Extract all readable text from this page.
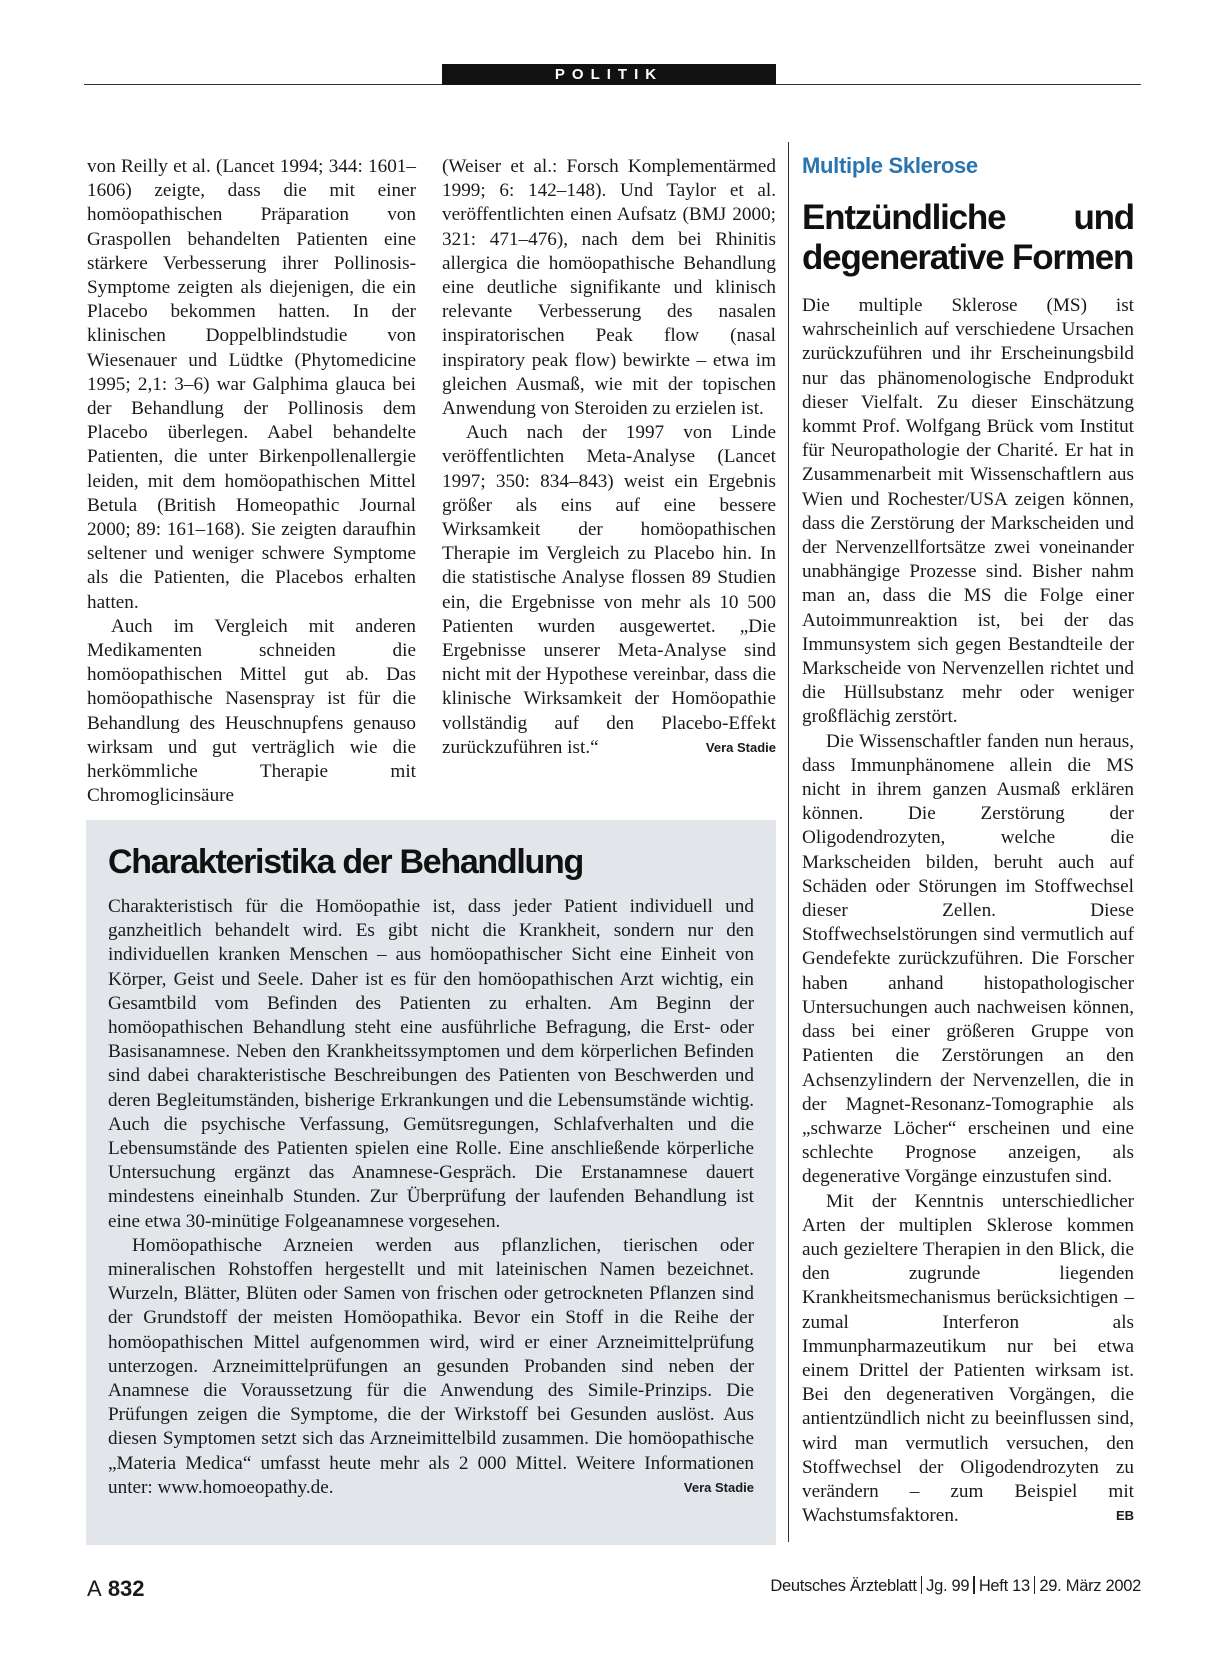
POLITIK

von Reilly et al. (Lancet 1994; 344: 1601–1606) zeigte, dass die mit einer homöopathischen Präparation von Graspollen behandelten Patienten eine stärkere Verbesserung ihrer Pollinosis-Symptome zeigten als diejenigen, die ein Placebo bekommen hatten. In der klinischen Doppelblindstudie von Wiesenauer und Lüdtke (Phytomedicine 1995; 2,1: 3–6) war Galphima glauca bei der Behandlung der Pollinosis dem Placebo überlegen. Aabel behandelte Patienten, die unter Birkenpollenallergie leiden, mit dem homöopathischen Mittel Betula (British Homeopathic Journal 2000; 89: 161–168). Sie zeigten daraufhin seltener und weniger schwere Symptome als die Patienten, die Placebos erhalten hatten.

Auch im Vergleich mit anderen Medikamenten schneiden die homöopathischen Mittel gut ab. Das homöopathische Nasenspray ist für die Behandlung des Heuschnupfens genauso wirksam und gut verträglich wie die herkömmliche Therapie mit Chromoglicinsäure

(Weiser et al.: Forsch Komplementärmed 1999; 6: 142–148). Und Taylor et al. veröffentlichten einen Aufsatz (BMJ 2000; 321: 471–476), nach dem bei Rhinitis allergica die homöopathische Behandlung eine deutliche signifikante und klinisch relevante Verbesserung des nasalen inspiratorischen Peak flow (nasal inspiratory peak flow) bewirkte – etwa im gleichen Ausmaß, wie mit der topischen Anwendung von Steroiden zu erzielen ist.

Auch nach der 1997 von Linde veröffentlichten Meta-Analyse (Lancet 1997; 350: 834–843) weist ein Ergebnis größer als eins auf eine bessere Wirksamkeit der homöopathischen Therapie im Vergleich zu Placebo hin. In die statistische Analyse flossen 89 Studien ein, die Ergebnisse von mehr als 10 500 Patienten wurden ausgewertet. „Die Ergebnisse unserer Meta-Analyse sind nicht mit der Hypothese vereinbar, dass die klinische Wirksamkeit der Homöopathie vollständig auf den Placebo-Effekt zurückzuführen ist.“	Vera Stadie

Charakteristika der Behandlung

Charakteristisch für die Homöopathie ist, dass jeder Patient individuell und ganzheitlich behandelt wird. Es gibt nicht die Krankheit, sondern nur den individuellen kranken Menschen – aus homöopathischer Sicht eine Einheit von Körper, Geist und Seele. Daher ist es für den homöopathischen Arzt wichtig, ein Gesamtbild vom Befinden des Patienten zu erhalten. Am Beginn der homöopathischen Behandlung steht eine ausführliche Befragung, die Erst- oder Basisanamnese. Neben den Krankheitssymptomen und dem körperlichen Befinden sind dabei charakteristische Beschreibungen des Patienten von Beschwerden und deren Begleitumständen, bisherige Erkrankungen und die Lebensumstände wichtig. Auch die psychische Verfassung, Gemütsregungen, Schlafverhalten und die Lebensumstände des Patienten spielen eine Rolle. Eine anschließende körperliche Untersuchung ergänzt das Anamnese-Gespräch. Die Erstanamnese dauert mindestens eineinhalb Stunden. Zur Überprüfung der laufenden Behandlung ist eine etwa 30-minütige Folgeanamnese vorgesehen.

Homöopathische Arzneien werden aus pflanzlichen, tierischen oder mineralischen Rohstoffen hergestellt und mit lateinischen Namen bezeichnet. Wurzeln, Blätter, Blüten oder Samen von frischen oder getrockneten Pflanzen sind der Grundstoff der meisten Homöopathika. Bevor ein Stoff in die Reihe der homöopathischen Mittel aufgenommen wird, wird er einer Arzneimittelprüfung unterzogen. Arzneimittelprüfungen an gesunden Probanden sind neben der Anamnese die Voraussetzung für die Anwendung des Simile-Prinzips. Die Prüfungen zeigen die Symptome, die der Wirkstoff bei Gesunden auslöst. Aus diesen Symptomen setzt sich das Arzneimittelbild zusammen. Die homöopathische „Materia Medica“ umfasst heute mehr als 2 000 Mittel. Weitere Informationen unter: www.homoeopathy.de.	Vera Stadie

Multiple Sklerose
Entzündliche und degenerative Formen

Die multiple Sklerose (MS) ist wahrscheinlich auf verschiedene Ursachen zurückzuführen und ihr Erscheinungsbild nur das phänomenologische Endprodukt dieser Vielfalt. Zu dieser Einschätzung kommt Prof. Wolfgang Brück vom Institut für Neuropathologie der Charité. Er hat in Zusammenarbeit mit Wissenschaftlern aus Wien und Rochester/USA zeigen können, dass die Zerstörung der Markscheiden und der Nervenzellfortsätze zwei voneinander unabhängige Prozesse sind. Bisher nahm man an, dass die MS die Folge einer Autoimmunreaktion ist, bei der das Immunsystem sich gegen Bestandteile der Markscheide von Nervenzellen richtet und die Hüllsubstanz mehr oder weniger großflächig zerstört.

Die Wissenschaftler fanden nun heraus, dass Immunphänomene allein die MS nicht in ihrem ganzen Ausmaß erklären können. Die Zerstörung der Oligodendrozyten, welche die Markscheiden bilden, beruht auch auf Schäden oder Störungen im Stoffwechsel dieser Zellen. Diese Stoffwechselstörungen sind vermutlich auf Gendefekte zurückzuführen. Die Forscher haben anhand histopathologischer Untersuchungen auch nachweisen können, dass bei einer größeren Gruppe von Patienten die Zerstörungen an den Achsenzylindern der Nervenzellen, die in der Magnet-Resonanz-Tomographie als „schwarze Löcher“ erscheinen und eine schlechte Prognose anzeigen, als degenerative Vorgänge einzustufen sind.

Mit der Kenntnis unterschiedlicher Arten der multiplen Sklerose kommen auch gezieltere Therapien in den Blick, die den zugrunde liegenden Krankheitsmechanismus berücksichtigen – zumal Interferon als Immunpharmazeutikum nur bei etwa einem Drittel der Patienten wirksam ist. Bei den degenerativen Vorgängen, die antientzündlich nicht zu beeinflussen sind, wird man vermutlich versuchen, den Stoffwechsel der Oligodendrozyten zu verändern – zum Beispiel mit Wachstumsfaktoren.	EB

A 832	Deutsches Ärzteblatt Jg. 99 Heft 13 29. März 2002
